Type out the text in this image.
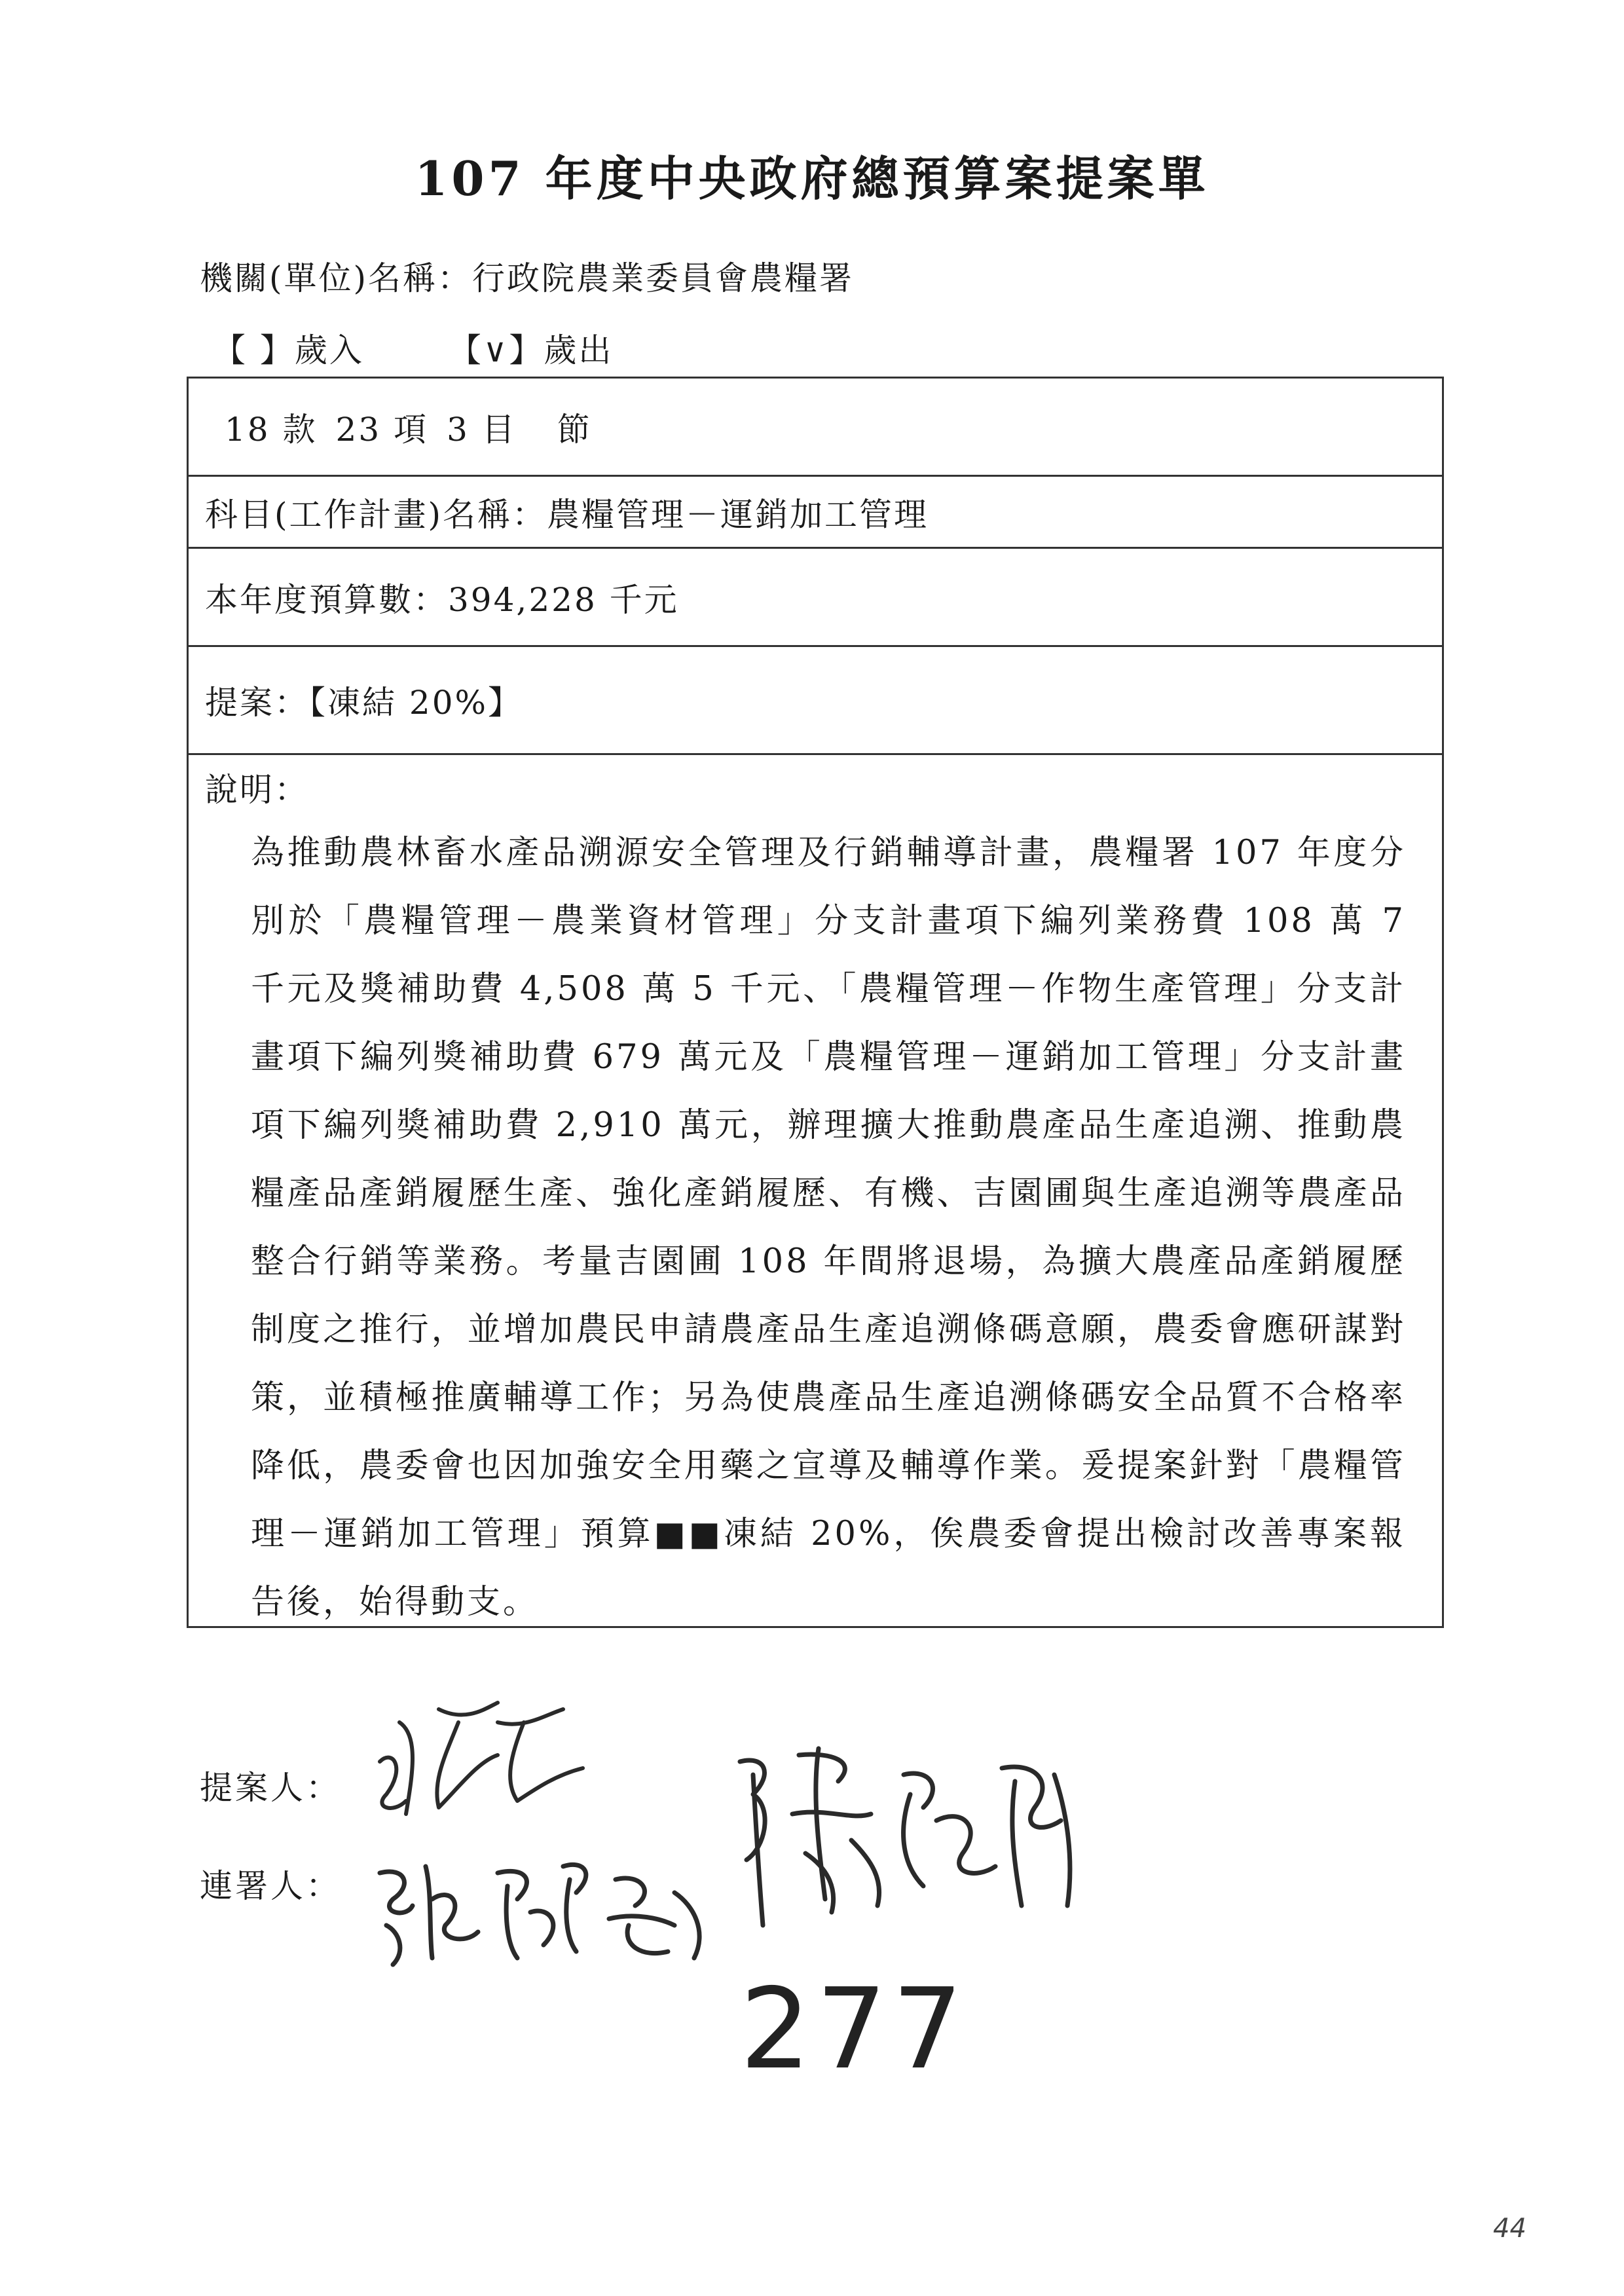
107 年度中央政府總預算案提案單
機關(單位)名稱：行政院農業委員會農糧署
【 】歲入	【∨】歲出
18 款 23 項 3 目 節
科目(工作計畫)名稱：農糧管理－運銷加工管理
本年度預算數：394,228 千元
提案：【凍結 20%】
說明：
為推動農林畜水產品溯源安全管理及行銷輔導計畫，農糧署 107 年度分別於「農糧管理－農業資材管理」分支計畫項下編列業務費 108 萬 7 千元及獎補助費 4,508 萬 5 千元、「農糧管理－作物生產管理」分支計畫項下編列獎補助費 679 萬元及「農糧管理－運銷加工管理」分支計畫項下編列獎補助費 2,910 萬元，辦理擴大推動農產品生產追溯、推動農糧產品產銷履歷生產、強化產銷履歷、有機、吉園圃與生產追溯等農產品整合行銷等業務。考量吉園圃 108 年間將退場，為擴大農產品產銷履歷制度之推行，並增加農民申請農產品生產追溯條碼意願，農委會應研謀對策，並積極推廣輔導工作；另為使農產品生產追溯條碼安全品質不合格率降低，農委會也因加強安全用藥之宣導及輔導作業。爰提案針對「農糧管理－運銷加工管理」預算■■凍結 20%，俟農委會提出檢討改善專案報告後，始得動支。
提案人：
連署人：
277
44
